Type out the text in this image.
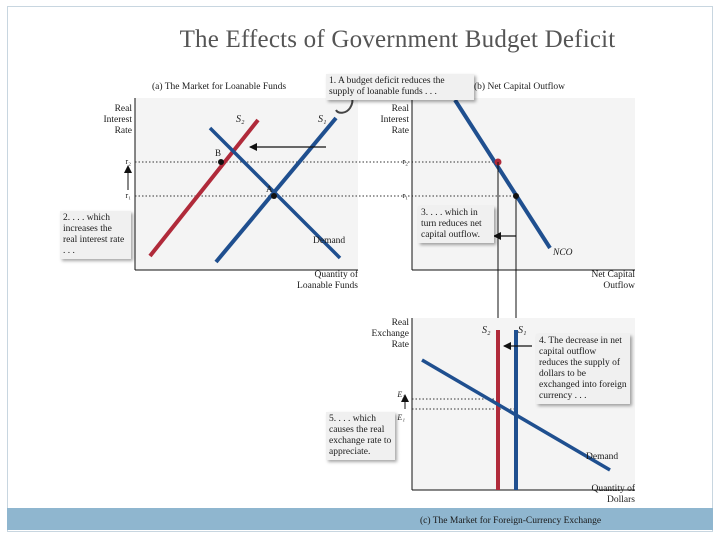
The Effects of Government Budget Deficit
(a) The Market for Loanable Funds
Real
Interest
Rate
r₂
r₁
S₂	S₁
B
A
Demand
Quantity of
Loanable Funds
1. A budget deficit reduces the supply of loanable funds . . .
2. . . . which increases the real interest rate . . .
(b) Net Capital Outflow
Real
Interest
Rate
r₂
r₁
NCO
Net Capital
Outflow
3. . . . which in turn reduces net capital outflow.
Real
Exchange
Rate
E₂
E₁
S₂	S₁
Demand
Quantity of
Dollars
4. The decrease in net capital outflow reduces the supply of dollars to be exchanged into foreign currency . . .
5. . . . which causes the real exchange rate to appreciate.
(c) The Market for Foreign-Currency Exchange
